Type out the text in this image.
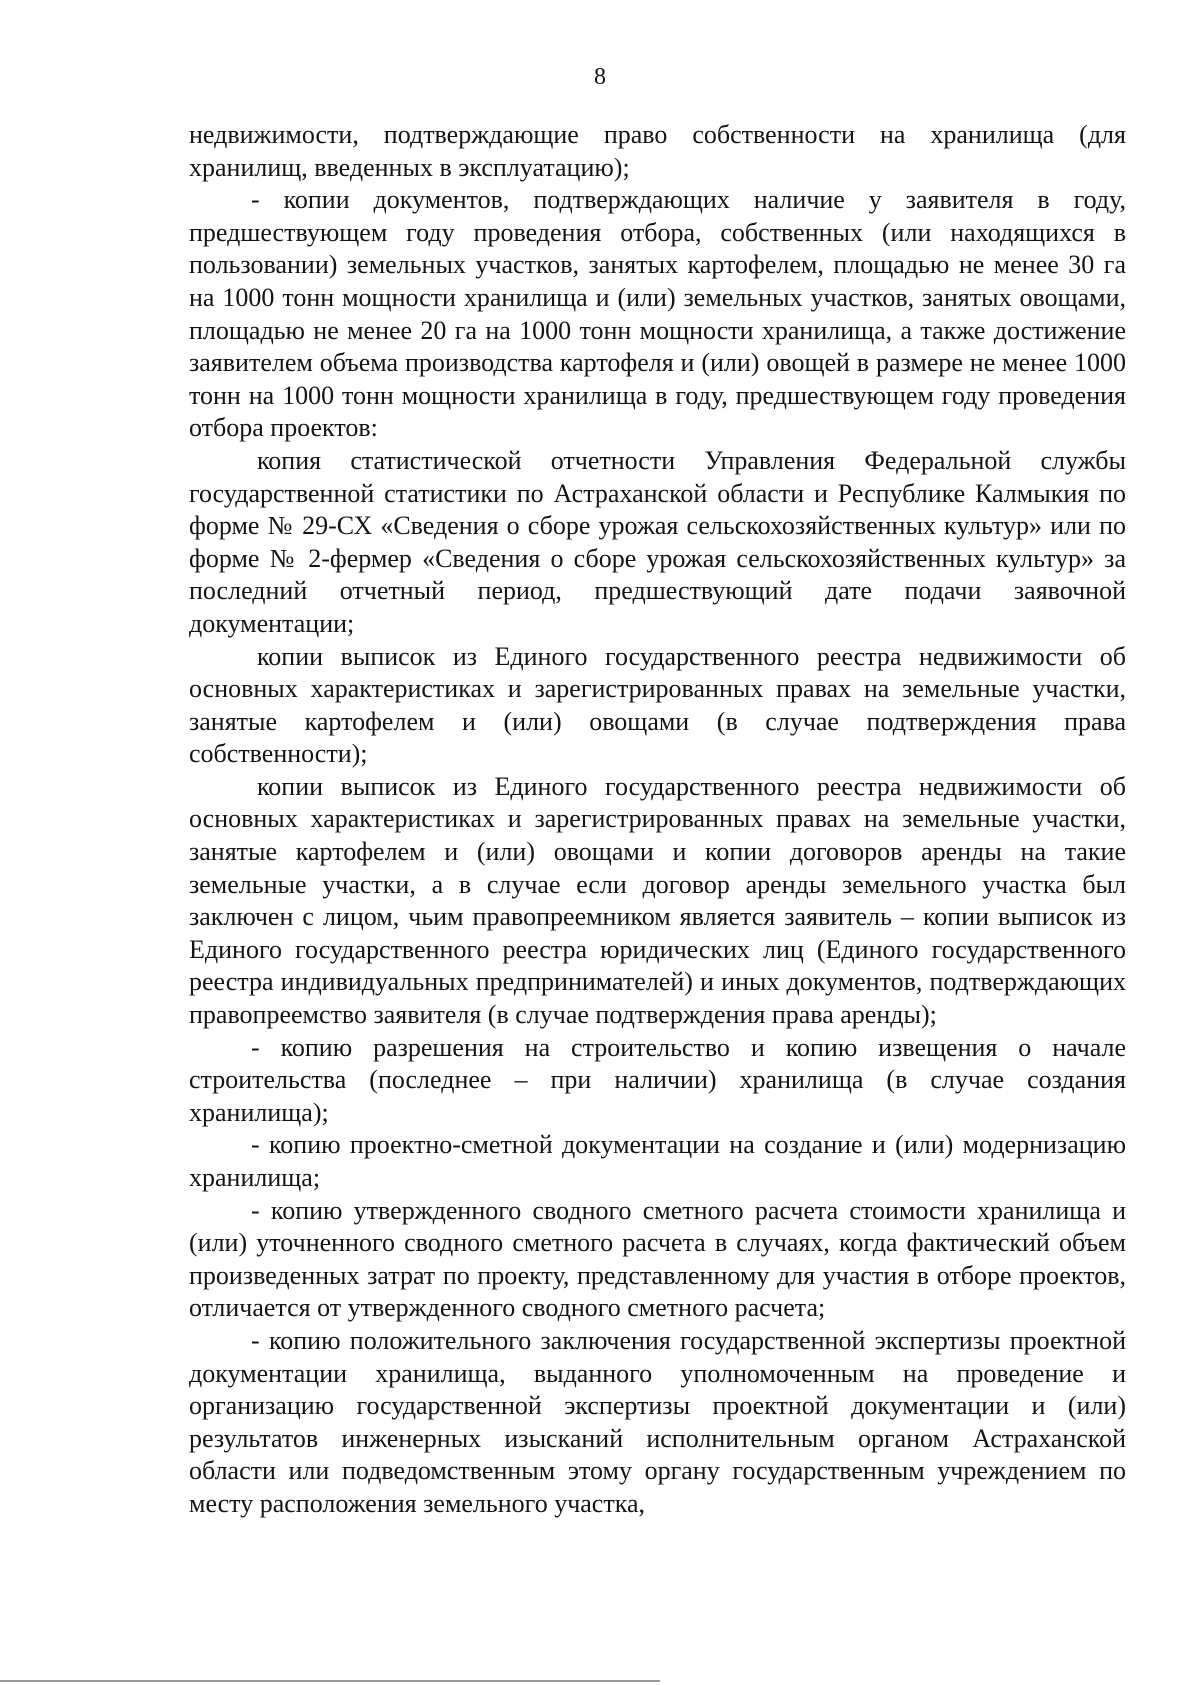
8

недвижимости, подтверждающие право собственности на хранилища (для хранилищ, введенных в эксплуатацию);

- копии документов, подтверждающих наличие у заявителя в году, предшествующем году проведения отбора, собственных (или находящихся в пользовании) земельных участков, занятых картофелем, площадью не менее 30 га на 1000 тонн мощности хранилища и (или) земельных участков, занятых овощами, площадью не менее 20 га на 1000 тонн мощности хранилища, а также достижение заявителем объема производства картофеля и (или) овощей в размере не менее 1000 тонн на 1000 тонн мощности хранилища в году, предшествующем году проведения отбора проектов:

копия статистической отчетности Управления Федеральной службы государственной статистики по Астраханской области и Республике Калмыкия по форме № 29-СХ «Сведения о сборе урожая сельскохозяйственных культур» или по форме № 2-фермер «Сведения о сборе урожая сельскохозяйственных культур» за последний отчетный период, предшествующий дате подачи заявочной документации;

копии выписок из Единого государственного реестра недвижимости об основных характеристиках и зарегистрированных правах на земельные участки, занятые картофелем и (или) овощами (в случае подтверждения права собственности);

копии выписок из Единого государственного реестра недвижимости об основных характеристиках и зарегистрированных правах на земельные участки, занятые картофелем и (или) овощами и копии договоров аренды на такие земельные участки, а в случае если договор аренды земельного участка был заключен с лицом, чьим правопреемником является заявитель – копии выписок из Единого государственного реестра юридических лиц (Единого государственного реестра индивидуальных предпринимателей) и иных документов, подтверждающих правопреемство заявителя (в случае подтверждения права аренды);

- копию разрешения на строительство и копию извещения о начале строительства (последнее – при наличии) хранилища (в случае создания хранилища);

- копию проектно-сметной документации на создание и (или) модернизацию хранилища;

- копию утвержденного сводного сметного расчета стоимости хранилища и (или) уточненного сводного сметного расчета в случаях, когда фактический объем произведенных затрат по проекту, представленному для участия в отборе проектов, отличается от утвержденного сводного сметного расчета;

- копию положительного заключения государственной экспертизы проектной документации хранилища, выданного уполномоченным на проведение и организацию государственной экспертизы проектной документации и (или) результатов инженерных изысканий исполнительным органом Астраханской области или подведомственным этому органу государственным учреждением по месту расположения земельного участка,
